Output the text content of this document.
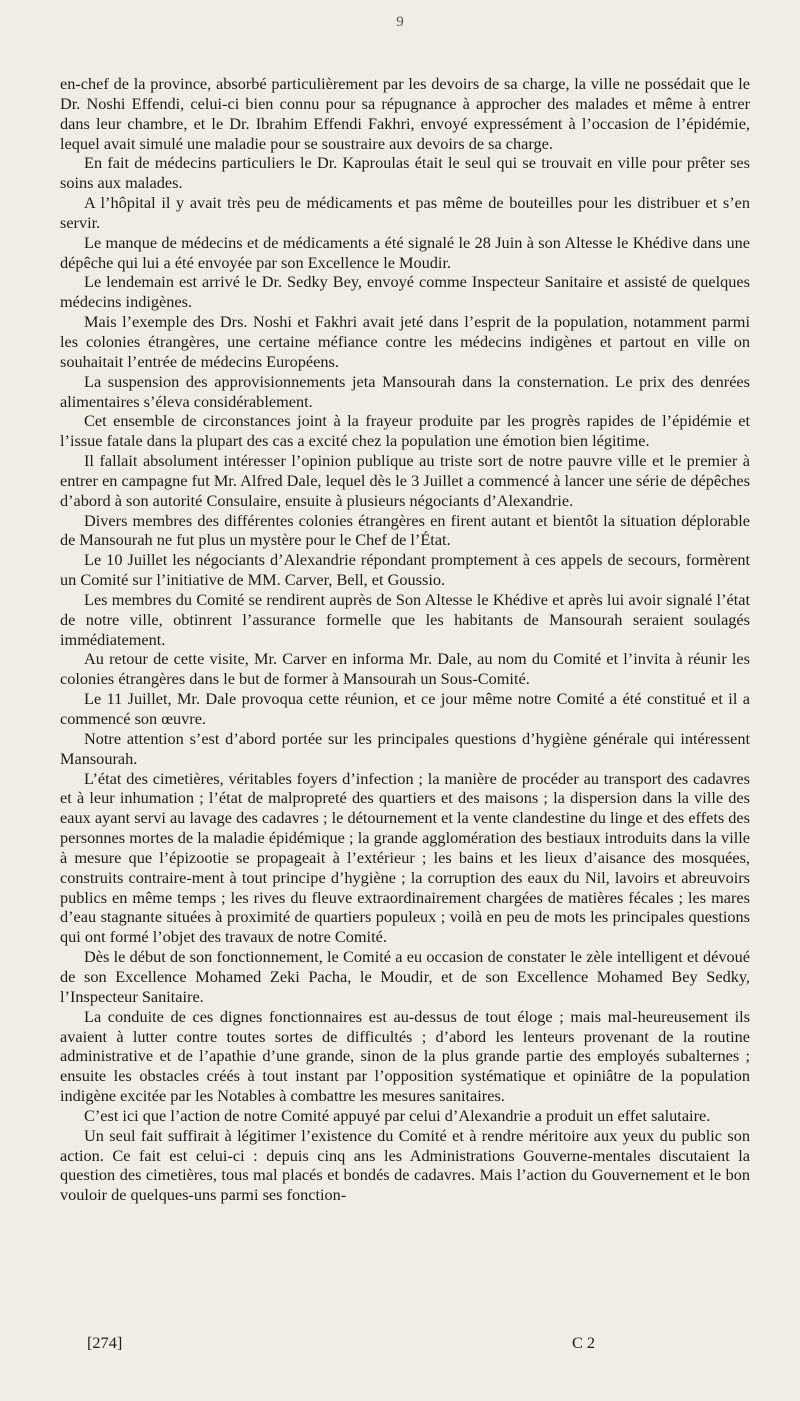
9

en-chef de la province, absorbé particulièrement par les devoirs de sa charge, la ville ne possédait que le Dr. Noshi Effendi, celui-ci bien connu pour sa répugnance à approcher des malades et même à entrer dans leur chambre, et le Dr. Ibrahim Effendi Fakhri, envoyé expressément à l’occasion de l’épidémie, lequel avait simulé une maladie pour se soustraire aux devoirs de sa charge.

En fait de médecins particuliers le Dr. Kaproulas était le seul qui se trouvait en ville pour prêter ses soins aux malades.

A l’hôpital il y avait très peu de médicaments et pas même de bouteilles pour les distribuer et s’en servir.

Le manque de médecins et de médicaments a été signalé le 28 Juin à son Altesse le Khédive dans une dépêche qui lui a été envoyée par son Excellence le Moudir.

Le lendemain est arrivé le Dr. Sedky Bey, envoyé comme Inspecteur Sanitaire et assisté de quelques médecins indigènes.

Mais l’exemple des Drs. Noshi et Fakhri avait jeté dans l’esprit de la population, notamment parmi les colonies étrangères, une certaine méfiance contre les médecins indigènes et partout en ville on souhaitait l’entrée de médecins Européens.

La suspension des approvisionnements jeta Mansourah dans la consternation. Le prix des denrées alimentaires s’éleva considérablement.

Cet ensemble de circonstances joint à la frayeur produite par les progrès rapides de l’épidémie et l’issue fatale dans la plupart des cas a excité chez la population une émotion bien légitime.

Il fallait absolument intéresser l’opinion publique au triste sort de notre pauvre ville et le premier à entrer en campagne fut Mr. Alfred Dale, lequel dès le 3 Juillet a commencé à lancer une série de dépêches d’abord à son autorité Consulaire, ensuite à plusieurs négociants d’Alexandrie.

Divers membres des différentes colonies étrangères en firent autant et bientôt la situation déplorable de Mansourah ne fut plus un mystère pour le Chef de l’État.

Le 10 Juillet les négociants d’Alexandrie répondant promptement à ces appels de secours, formèrent un Comité sur l’initiative de MM. Carver, Bell, et Goussio.

Les membres du Comité se rendirent auprès de Son Altesse le Khédive et après lui avoir signalé l’état de notre ville, obtinrent l’assurance formelle que les habitants de Mansourah seraient soulagés immédiatement.

Au retour de cette visite, Mr. Carver en informa Mr. Dale, au nom du Comité et l’invita à réunir les colonies étrangères dans le but de former à Mansourah un Sous-Comité.

Le 11 Juillet, Mr. Dale provoqua cette réunion, et ce jour même notre Comité a été constitué et il a commencé son œuvre.

Notre attention s’est d’abord portée sur les principales questions d’hygiène générale qui intéressent Mansourah.

L’état des cimetières, véritables foyers d’infection ; la manière de procéder au transport des cadavres et à leur inhumation ; l’état de malpropreté des quartiers et des maisons ; la dispersion dans la ville des eaux ayant servi au lavage des cadavres ; le détournement et la vente clandestine du linge et des effets des personnes mortes de la maladie épidémique ; la grande agglomération des bestiaux introduits dans la ville à mesure que l’épizootie se propageait à l’extérieur ; les bains et les lieux d’aisance des mosquées, construits contraire-ment à tout principe d’hygiène ; la corruption des eaux du Nil, lavoirs et abreuvoirs publics en même temps ; les rives du fleuve extraordinairement chargées de matières fécales ; les mares d’eau stagnante situées à proximité de quartiers populeux ; voilà en peu de mots les principales questions qui ont formé l’objet des travaux de notre Comité.

Dès le début de son fonctionnement, le Comité a eu occasion de constater le zèle intelligent et dévoué de son Excellence Mohamed Zeki Pacha, le Moudir, et de son Excellence Mohamed Bey Sedky, l’Inspecteur Sanitaire.

La conduite de ces dignes fonctionnaires est au-dessus de tout éloge ; mais mal-heureusement ils avaient à lutter contre toutes sortes de difficultés ; d’abord les lenteurs provenant de la routine administrative et de l’apathie d’une grande, sinon de la plus grande partie des employés subalternes ; ensuite les obstacles créés à tout instant par l’opposition systématique et opiniâtre de la population indigène excitée par les Notables à combattre les mesures sanitaires.

C’est ici que l’action de notre Comité appuyé par celui d’Alexandrie a produit un effet salutaire.

Un seul fait suffirait à légitimer l’existence du Comité et à rendre méritoire aux yeux du public son action. Ce fait est celui-ci : depuis cinq ans les Administrations Gouverne-mentales discutaient la question des cimetières, tous mal placés et bondés de cadavres. Mais l’action du Gouvernement et le bon vouloir de quelques-uns parmi ses fonction-

[274]	C 2
